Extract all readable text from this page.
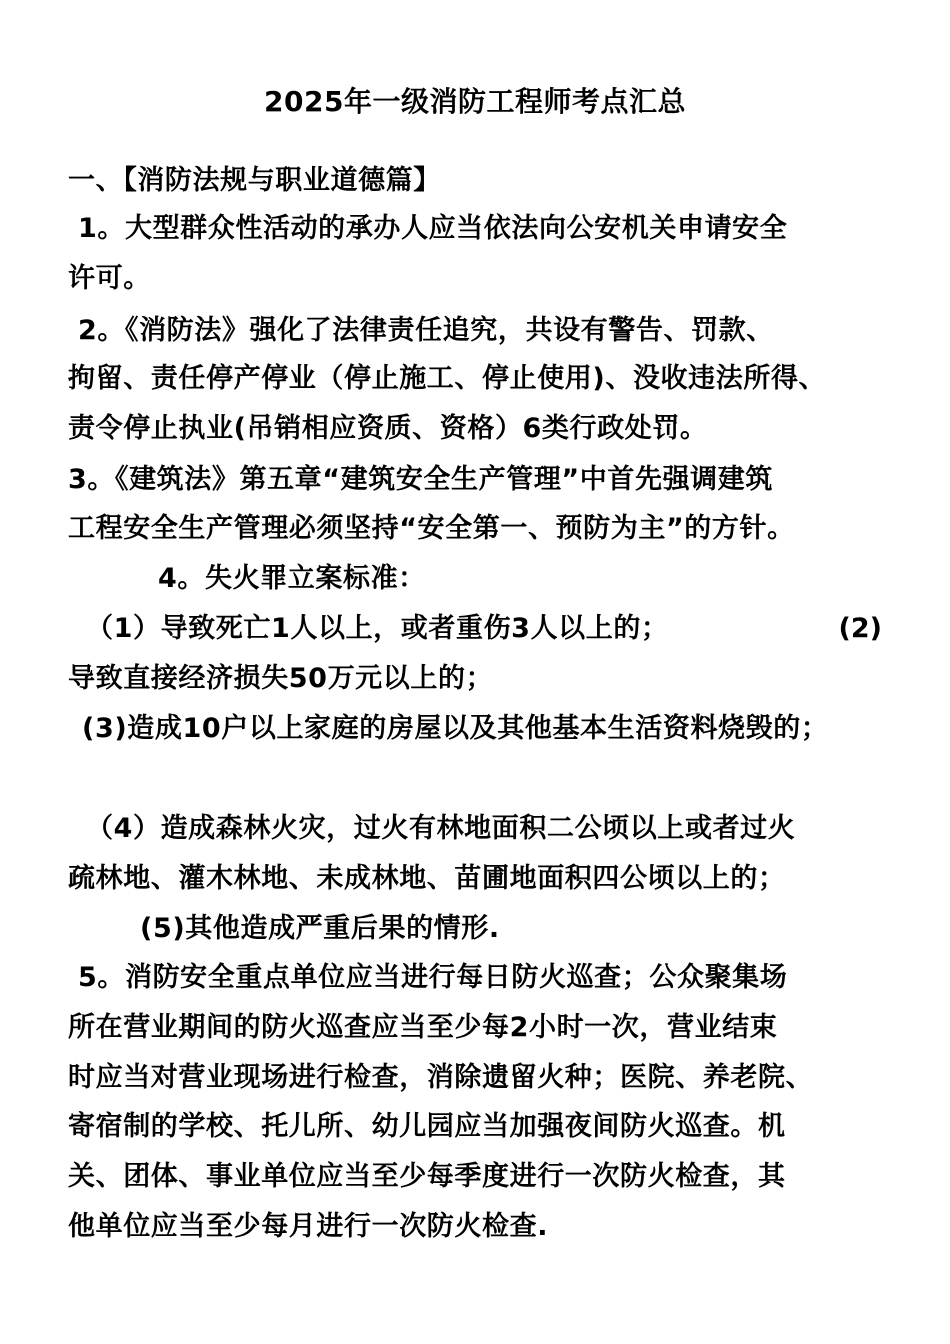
2025年一级消防工程师考点汇总
一、【消防法规与职业道德篇】
1。大型群众性活动的承办人应当依法向公安机关申请安全
许可。
2。《消防法》强化了法律责任追究，共设有警告、罚款、
拘留、责任停产停业（停止施工、停止使用)、没收违法所得、
责令停止执业(吊销相应资质、资格）6类行政处罚。
3。《建筑法》第五章“建筑安全生产管理”中首先强调建筑
工程安全生产管理必须坚持“安全第一、预防为主”的方针。
4。失火罪立案标准：
（1）导致死亡1人以上，或者重伤3人以上的；	(2)
导致直接经济损失50万元以上的；
(3)造成10户以上家庭的房屋以及其他基本生活资料烧毁的；
（4）造成森林火灾，过火有林地面积二公顷以上或者过火
疏林地、灌木林地、未成林地、苗圃地面积四公顷以上的；
(5)其他造成严重后果的情形.
5。消防安全重点单位应当进行每日防火巡查；公众聚集场
所在营业期间的防火巡查应当至少每2小时一次，营业结束
时应当对营业现场进行检查，消除遗留火种；医院、养老院、
寄宿制的学校、托儿所、幼儿园应当加强夜间防火巡查。机
关、团体、事业单位应当至少每季度进行一次防火检查，其
他单位应当至少每月进行一次防火检查.
